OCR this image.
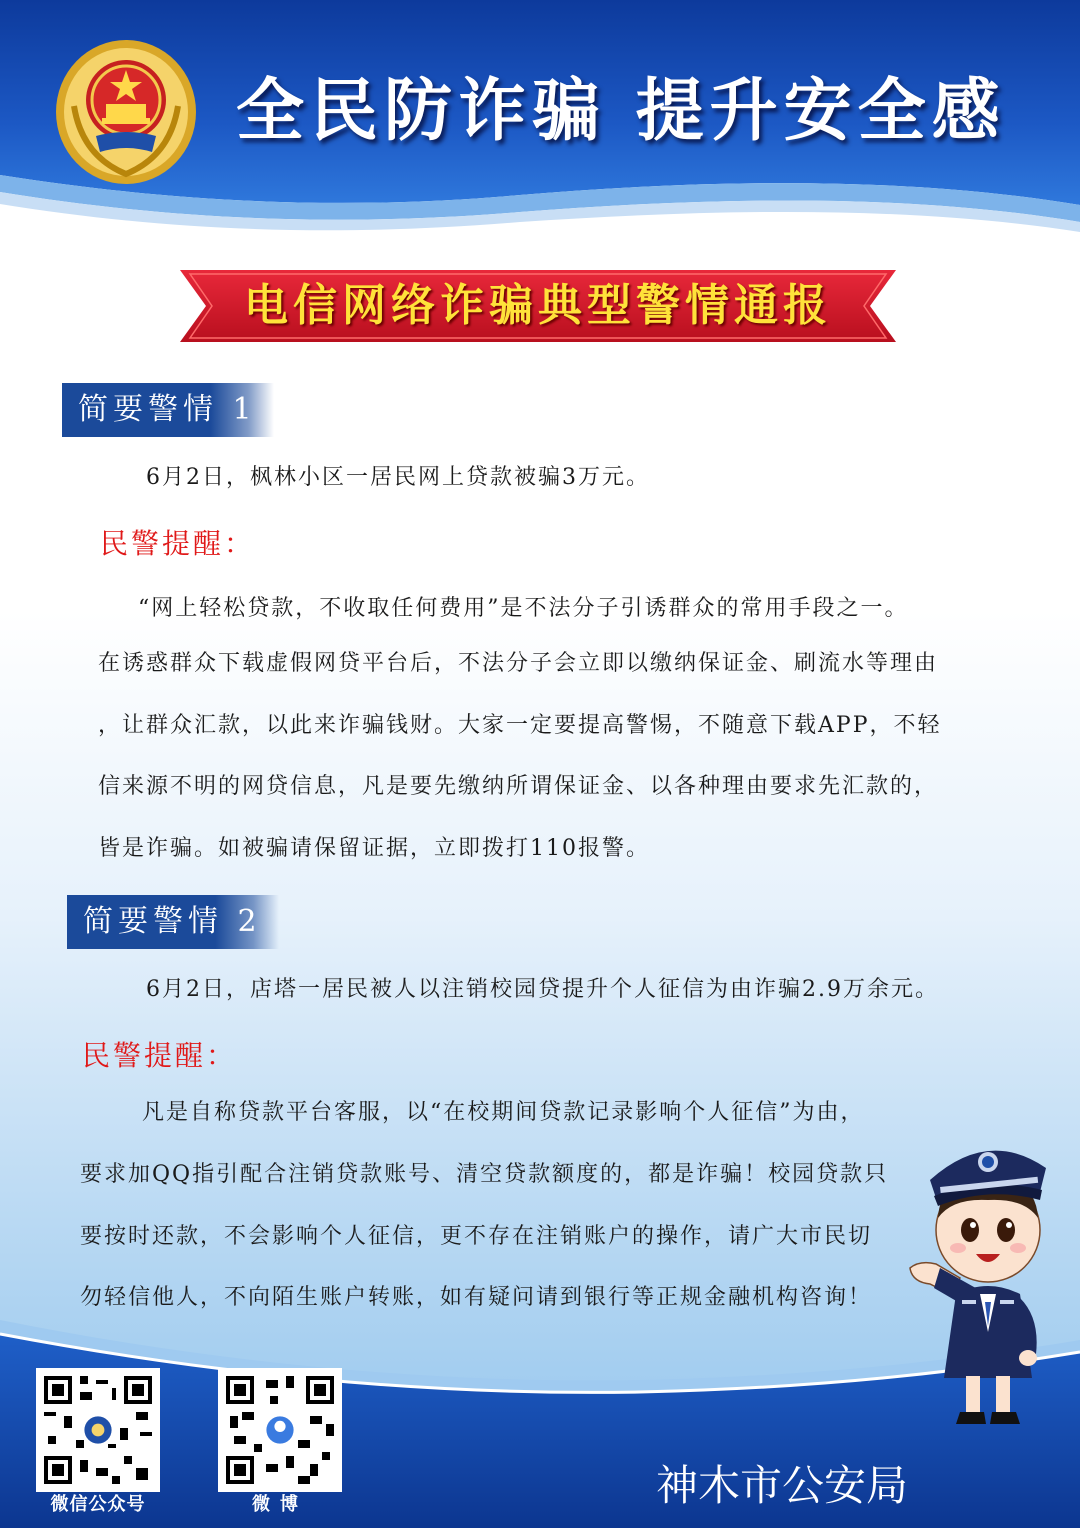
全民防诈骗 提升安全感
电信网络诈骗典型警情通报
简要警情 1
6月2日，枫林小区一居民网上贷款被骗3万元。
民警提醒：
“网上轻松贷款，不收取任何费用”是不法分子引诱群众的常用手段之一。
在诱惑群众下载虚假网贷平台后，不法分子会立即以缴纳保证金、刷流水等理由
，让群众汇款，以此来诈骗钱财。大家一定要提高警惕，不随意下载APP，不轻
信来源不明的网贷信息，凡是要先缴纳所谓保证金、以各种理由要求先汇款的，
皆是诈骗。如被骗请保留证据，立即拨打110报警。
简要警情 2
6月2日，店塔一居民被人以注销校园贷提升个人征信为由诈骗2.9万余元。
民警提醒：
凡是自称贷款平台客服，以“在校期间贷款记录影响个人征信”为由，
要求加QQ指引配合注销贷款账号、清空贷款额度的，都是诈骗！校园贷款只
要按时还款，不会影响个人征信，更不存在注销账户的操作，请广大市民切
勿轻信他人，不向陌生账户转账，如有疑问请到银行等正规金融机构咨询！
微信公众号	微博	神木市公安局
